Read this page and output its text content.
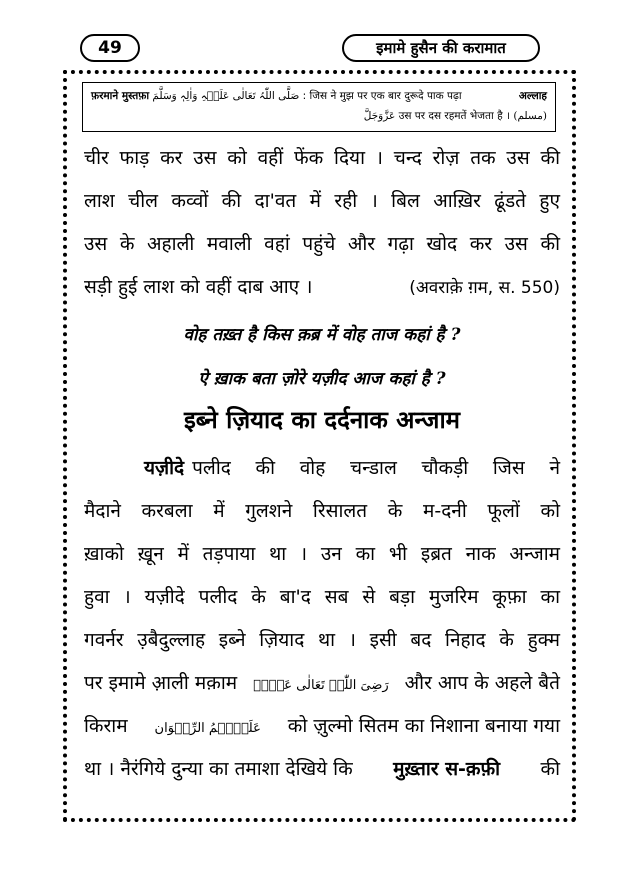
49	इमामे हुसैन की करामात
फ़रमाने मुस्तफ़ा صَلَّی اللّٰہُ تَعَالٰی عَلَیۡہِ وَاٰلِہٖ وَسَلَّمَ : जिस ने मुझ पर एक बार दुरूदे पाक पढ़ा	अल्लाह
عَزَّوَجَلَّ उस पर दस रहमतें भेजता है । (مسلم)
चीर फाड़ कर उस को वहीं फेंक दिया । चन्द रोज़ तक उस की
लाश चील कव्वों की दा'वत में रही । बिल आख़िर ढूंडते हुए
उस के अहाली मवाली वहां पहुंचे और गढ़ा खोद कर उस की
सड़ी हुई लाश को वहीं दाब आए ।	(अवराक़े ग़म, स. 550)
वोह तख़्त है किस क़ब्र में वोह ताज कहां है ?
ऐ ख़ाक बता ज़ोरे यज़ीद आज कहां है ?
इब्ने ज़ियाद का दर्दनाक अन्जाम
यज़ीदे पलीद की वोह चन्डाल चौकड़ी जिस ने
मैदाने करबला में गुलशने रिसालत के म-दनी फूलों को
ख़ाको ख़ून में तड़पाया था । उन का भी इब्रत नाक अन्जाम
हुवा । यज़ीदे पलीद के बा'द सब से बड़ा मुजरिम कूफ़ा का
गवर्नर उ़बैदुल्लाह इब्ने ज़ियाद था । इसी बद निहाद के हुक्म
पर इमामे आ़ली मक़ाम رَضِیَ اللّٰہُ تَعَالٰی عَنۡہُ और आप के अहले बैते
किराम عَلَیۡہِمُ الرِّضۡوَان को ज़ुल्मो सितम का निशाना बनाया गया
था । नैरंगिये दुन्या का तमाशा देखिये कि मुख़्तार स-क़फ़ी की
